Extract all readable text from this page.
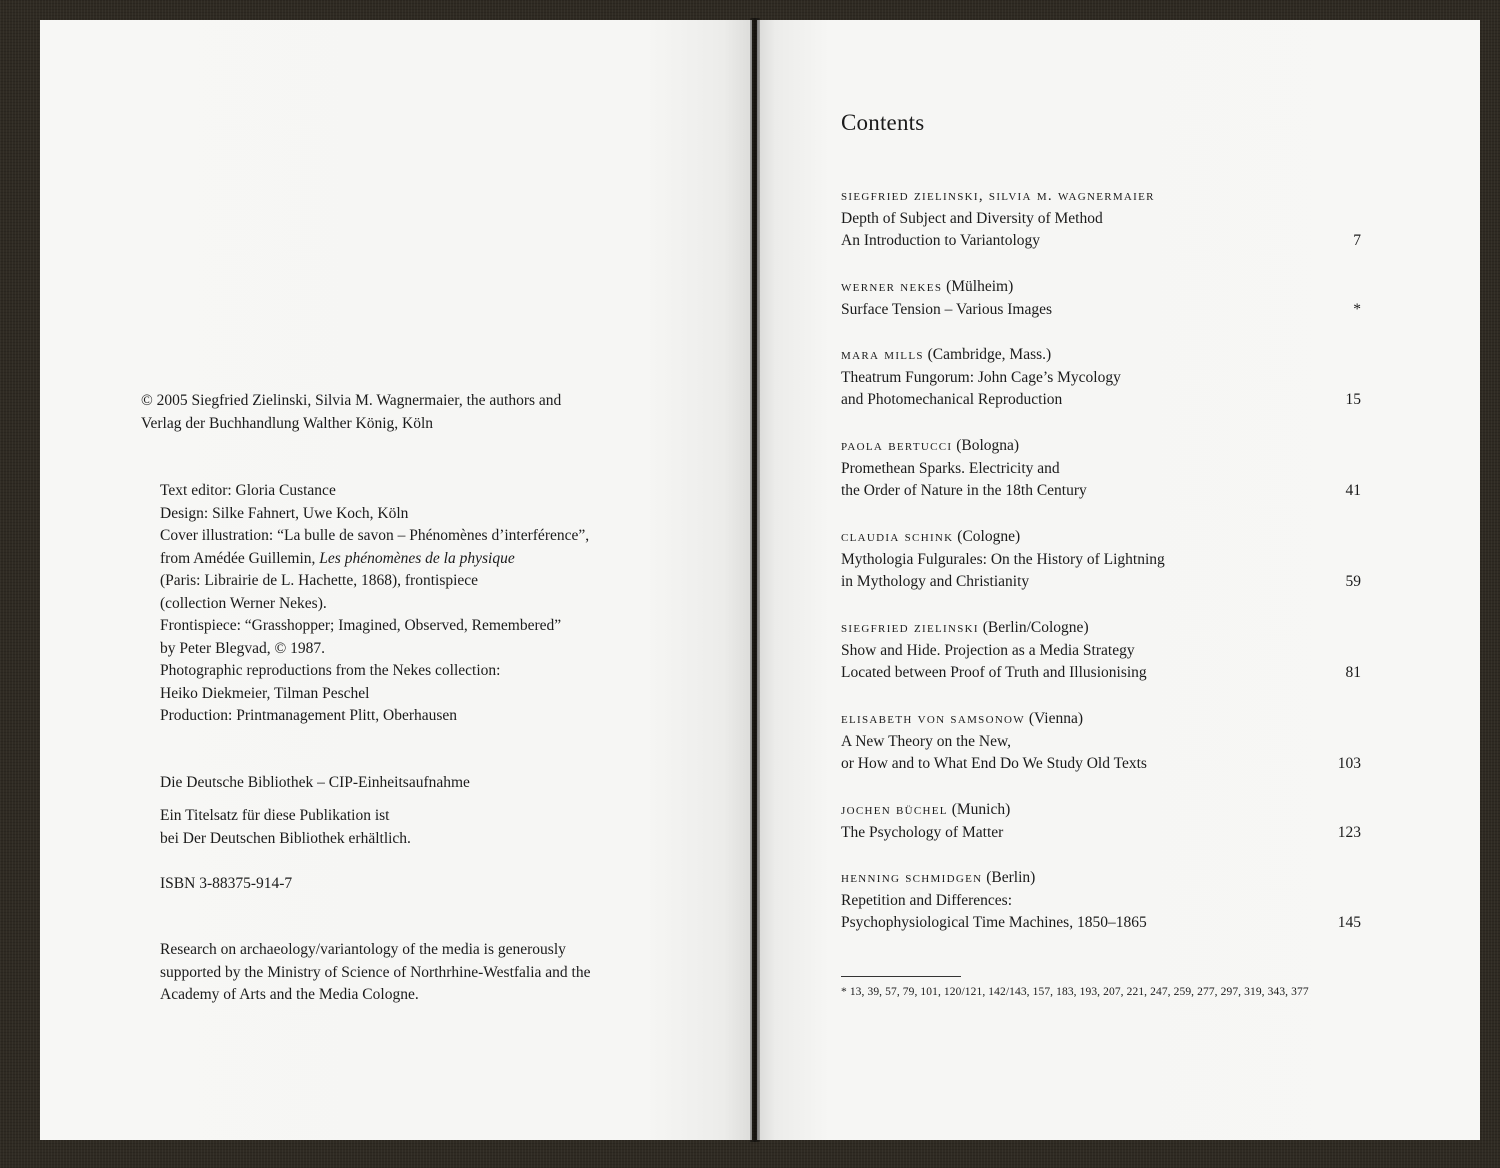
© 2005 Siegfried Zielinski, Silvia M. Wagnermaier, the authors and
Verlag der Buchhandlung Walther König, Köln
Text editor: Gloria Custance
Design: Silke Fahnert, Uwe Koch, Köln
Cover illustration: “La bulle de savon – Phénomènes d’interférence”,
from Amédée Guillemin, Les phénomènes de la physique
(Paris: Librairie de L. Hachette, 1868), frontispiece
(collection Werner Nekes).
Frontispiece: “Grasshopper; Imagined, Observed, Remembered”
by Peter Blegvad, © 1987.
Photographic reproductions from the Nekes collection:
Heiko Diekmeier, Tilman Peschel
Production: Printmanagement Plitt, Oberhausen
Die Deutsche Bibliothek – CIP-Einheitsaufnahme
Ein Titelsatz für diese Publikation ist
bei Der Deutschen Bibliothek erhältlich.
ISBN 3-88375-914-7
Research on archaeology/variantology of the media is generously
supported by the Ministry of Science of Northrhine-Westfalia and the
Academy of Arts and the Media Cologne.
Contents
siegfried zielinski, silvia m. wagnermaier
Depth of Subject and Diversity of Method
An Introduction to Variantology	7
werner nekes (Mülheim)
Surface Tension – Various Images	*
mara mills (Cambridge, Mass.)
Theatrum Fungorum: John Cage’s Mycology
and Photomechanical Reproduction	15
paola bertucci (Bologna)
Promethean Sparks. Electricity and
the Order of Nature in the 18th Century	41
claudia schink (Cologne)
Mythologia Fulgurales: On the History of Lightning
in Mythology and Christianity	59
siegfried zielinski (Berlin/Cologne)
Show and Hide. Projection as a Media Strategy
Located between Proof of Truth and Illusionising	81
elisabeth von samsonow (Vienna)
A New Theory on the New,
or How and to What End Do We Study Old Texts	103
jochen büchel (Munich)
The Psychology of Matter	123
henning schmidgen (Berlin)
Repetition and Differences:
Psychophysiological Time Machines, 1850–1865	145
* 13, 39, 57, 79, 101, 120/121, 142/143, 157, 183, 193, 207, 221, 247, 259, 277, 297, 319, 343, 377
